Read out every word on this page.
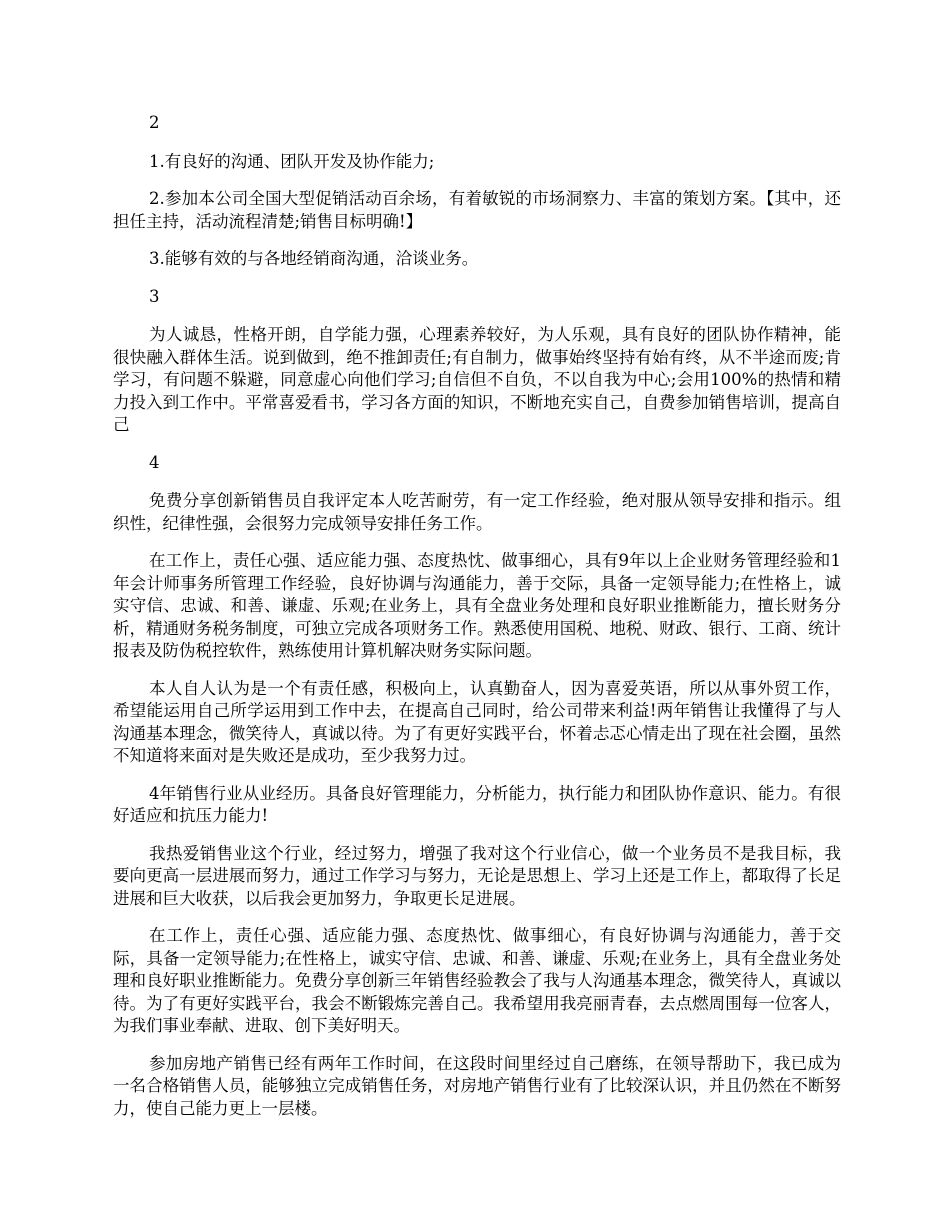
2

1.有良好的沟通、团队开发及协作能力;

2.参加本公司全国大型促销活动百余场，有着敏锐的市场洞察力、丰富的策划方案。【其中，还担任主持，活动流程清楚;销售目标明确!】

3.能够有效的与各地经销商沟通，洽谈业务。

3

为人诚恳，性格开朗，自学能力强，心理素养较好，为人乐观，具有良好的团队协作精神，能很快融入群体生活。说到做到，绝不推卸责任;有自制力，做事始终坚持有始有终，从不半途而废;肯学习，有问题不躲避，同意虚心向他们学习;自信但不自负，不以自我为中心;会用100%的热情和精力投入到工作中。平常喜爱看书，学习各方面的知识，不断地充实自己，自费参加销售培训，提高自己

4

免费分享创新销售员自我评定本人吃苦耐劳，有一定工作经验，绝对服从领导安排和指示。组织性，纪律性强，会很努力完成领导安排任务工作。

在工作上，责任心强、适应能力强、态度热忱、做事细心，具有9年以上企业财务管理经验和1年会计师事务所管理工作经验，良好协调与沟通能力，善于交际，具备一定领导能力;在性格上，诚实守信、忠诚、和善、谦虚、乐观;在业务上，具有全盘业务处理和良好职业推断能力，擅长财务分析，精通财务税务制度，可独立完成各项财务工作。熟悉使用国税、地税、财政、银行、工商、统计报表及防伪税控软件，熟练使用计算机解决财务实际问题。

本人自人认为是一个有责任感，积极向上，认真勤奋人，因为喜爱英语，所以从事外贸工作，希望能运用自己所学运用到工作中去，在提高自己同时，给公司带来利益!两年销售让我懂得了与人沟通基本理念，微笑待人，真诚以待。为了有更好实践平台，怀着忐忑心情走出了现在社会圈，虽然不知道将来面对是失败还是成功，至少我努力过。

4年销售行业从业经历。具备良好管理能力，分析能力，执行能力和团队协作意识、能力。有很好适应和抗压力能力!

我热爱销售业这个行业，经过努力，增强了我对这个行业信心，做一个业务员不是我目标，我要向更高一层进展而努力，通过工作学习与努力，无论是思想上、学习上还是工作上，都取得了长足进展和巨大收获，以后我会更加努力，争取更长足进展。

在工作上，责任心强、适应能力强、态度热忱、做事细心，有良好协调与沟通能力，善于交际，具备一定领导能力;在性格上，诚实守信、忠诚、和善、谦虚、乐观;在业务上，具有全盘业务处理和良好职业推断能力。免费分享创新三年销售经验教会了我与人沟通基本理念，微笑待人，真诚以待。为了有更好实践平台，我会不断锻炼完善自己。我希望用我亮丽青春，去点燃周围每一位客人，为我们事业奉献、进取、创下美好明天。

参加房地产销售已经有两年工作时间，在这段时间里经过自己磨练，在领导帮助下，我已成为一名合格销售人员，能够独立完成销售任务，对房地产销售行业有了比较深认识，并且仍然在不断努力，使自己能力更上一层楼。
